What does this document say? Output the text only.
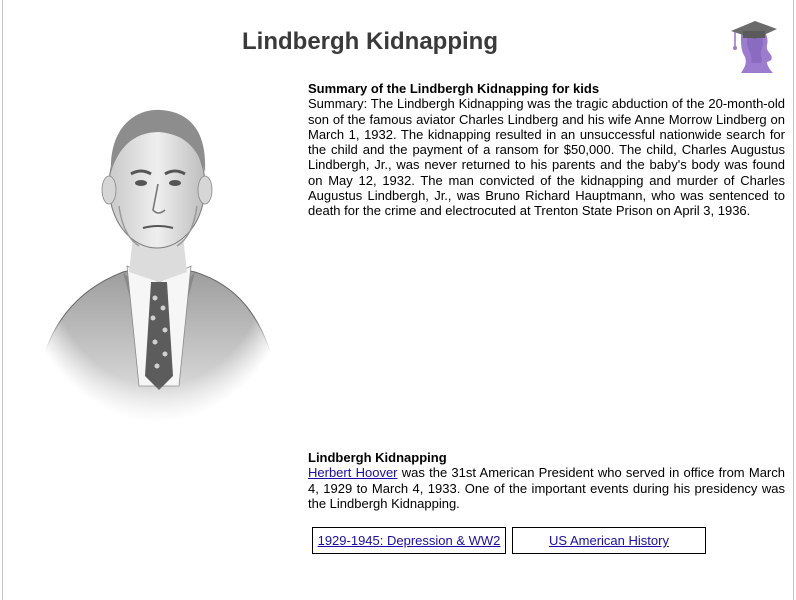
Lindbergh Kidnapping
Summary of the Lindbergh Kidnapping for kids
Summary: The Lindbergh Kidnapping was the tragic abduction of the 20-month-old son of the famous aviator Charles Lindberg and his wife Anne Morrow Lindberg on March 1, 1932. The kidnapping resulted in an unsuccessful nationwide search for the child and the payment of a ransom for $50,000. The child, Charles Augustus Lindbergh, Jr., was never returned to his parents and the baby's body was found on May 12, 1932. The man convicted of the kidnapping and murder of Charles Augustus Lindbergh, Jr., was Bruno Richard Hauptmann, who was sentenced to death for the crime and electrocuted at Trenton State Prison on April 3, 1936.
Lindbergh Kidnapping
Herbert Hoover was the 31st American President who served in office from March 4, 1929 to March 4, 1933. One of the important events during his presidency was the Lindbergh Kidnapping.
1929-1945: Depression & WW2	US American History
